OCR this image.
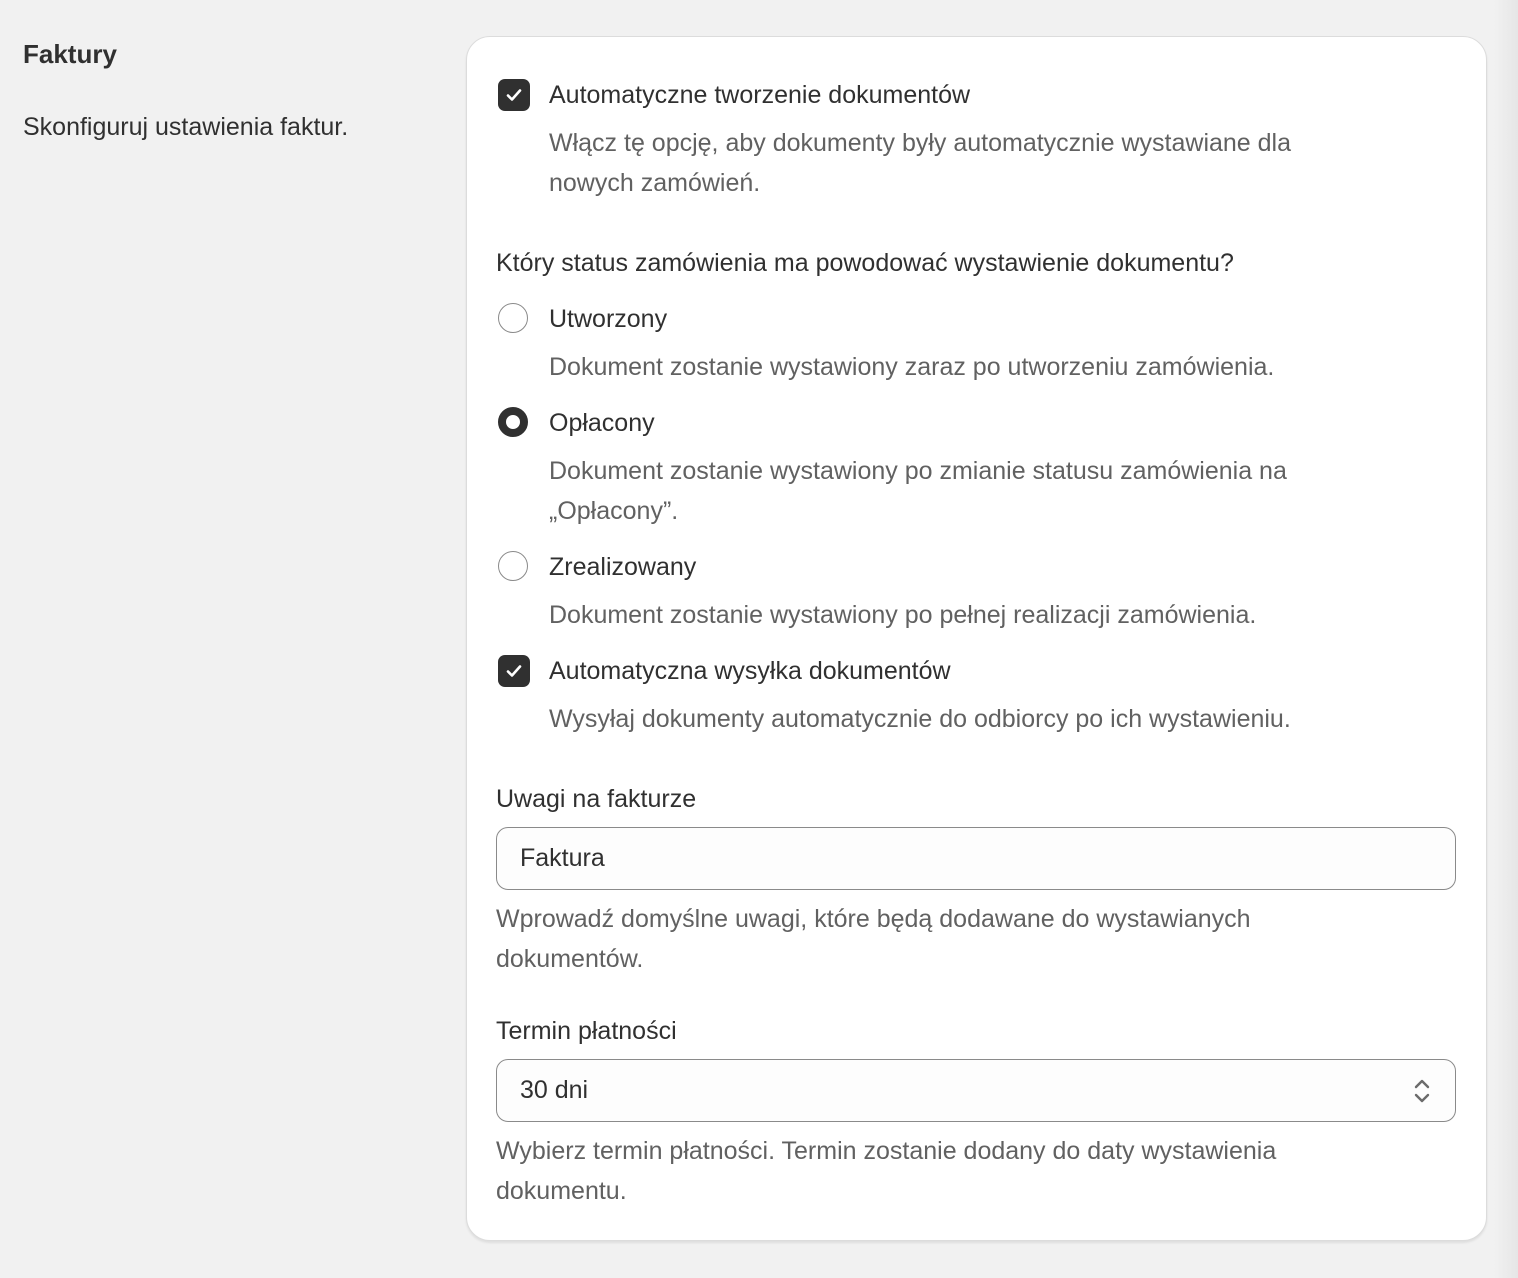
Faktury
Skonfiguruj ustawienia faktur.
Automatyczne tworzenie dokumentów
Włącz tę opcję, aby dokumenty były automatycznie wystawiane dla
nowych zamówień.
Który status zamówienia ma powodować wystawienie dokumentu?
Utworzony
Dokument zostanie wystawiony zaraz po utworzeniu zamówienia.
Opłacony
Dokument zostanie wystawiony po zmianie statusu zamówienia na
„Opłacony”.
Zrealizowany
Dokument zostanie wystawiony po pełnej realizacji zamówienia.
Automatyczna wysyłka dokumentów
Wysyłaj dokumenty automatycznie do odbiorcy po ich wystawieniu.
Uwagi na fakturze
Faktura
Wprowadź domyślne uwagi, które będą dodawane do wystawianych
dokumentów.
Termin płatności
30 dni
Wybierz termin płatności. Termin zostanie dodany do daty wystawienia
dokumentu.
